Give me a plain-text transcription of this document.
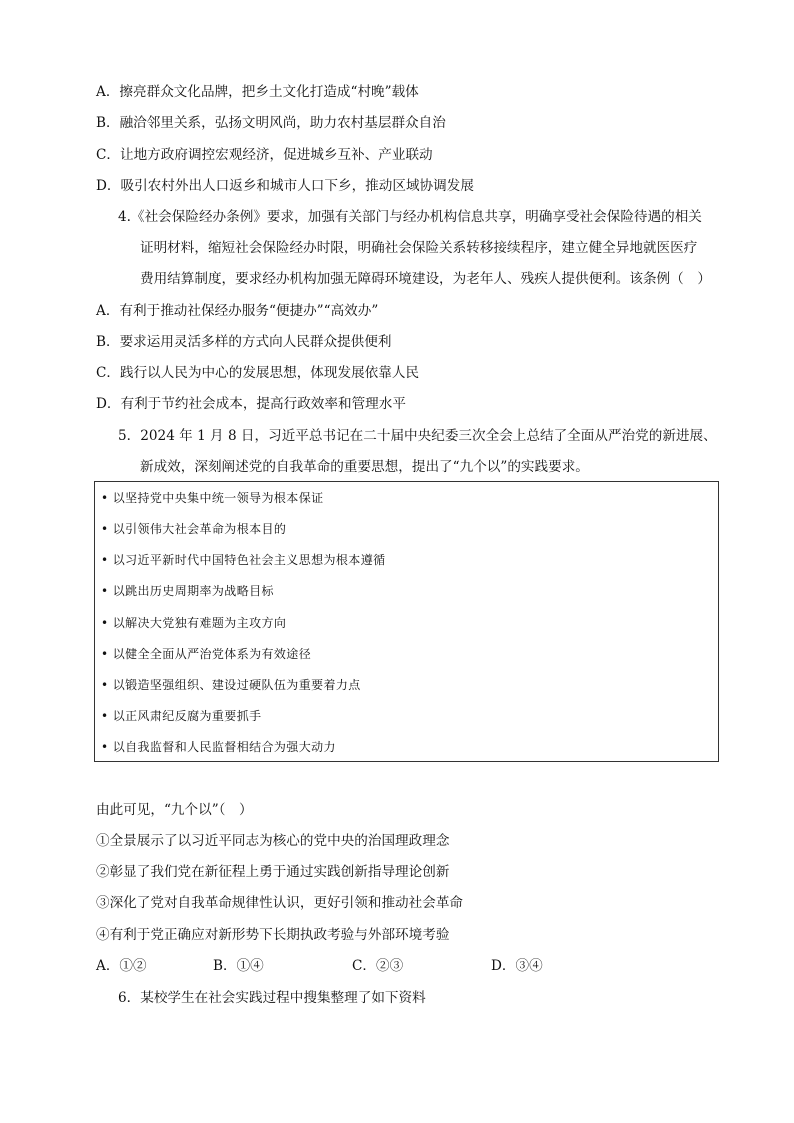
A．擦亮群众文化品牌，把乡土文化打造成“村晚”载体
B．融洽邻里关系，弘扬文明风尚，助力农村基层群众自治
C．让地方政府调控宏观经济，促进城乡互补、产业联动
D．吸引农村外出人口返乡和城市人口下乡，推动区域协调发展
4.《社会保险经办条例》要求，加强有关部门与经办机构信息共享，明确享受社会保险待遇的相关
证明材料，缩短社会保险经办时限，明确社会保险关系转移接续程序，建立健全异地就医医疗
费用结算制度，要求经办机构加强无障碍环境建设，为老年人、残疾人提供便利。该条例（　）
A．有利于推动社保经办服务“便捷办”“高效办”
B．要求运用灵活多样的方式向人民群众提供便利
C．践行以人民为中心的发展思想，体现发展依靠人民
D．有利于节约社会成本，提高行政效率和管理水平
5．2024 年 1 月 8 日，习近平总书记在二十届中央纪委三次全会上总结了全面从严治党的新进展、
新成效，深刻阐述党的自我革命的重要思想，提出了“九个以”的实践要求。
• 以坚持党中央集中统一领导为根本保证
• 以引领伟大社会革命为根本目的
• 以习近平新时代中国特色社会主义思想为根本遵循
• 以跳出历史周期率为战略目标
• 以解决大党独有难题为主攻方向
• 以健全全面从严治党体系为有效途径
• 以锻造坚强组织、建设过硬队伍为重要着力点
• 以正风肃纪反腐为重要抓手
• 以自我监督和人民监督相结合为强大动力
由此可见，“九个以”（　）
①全景展示了以习近平同志为核心的党中央的治国理政理念
②彰显了我们党在新征程上勇于通过实践创新指导理论创新
③深化了党对自我革命规律性认识，更好引领和推动社会革命
④有利于党正确应对新形势下长期执政考验与外部环境考验
A．①②	B．①④	C．②③	D．③④
6．某校学生在社会实践过程中搜集整理了如下资料
